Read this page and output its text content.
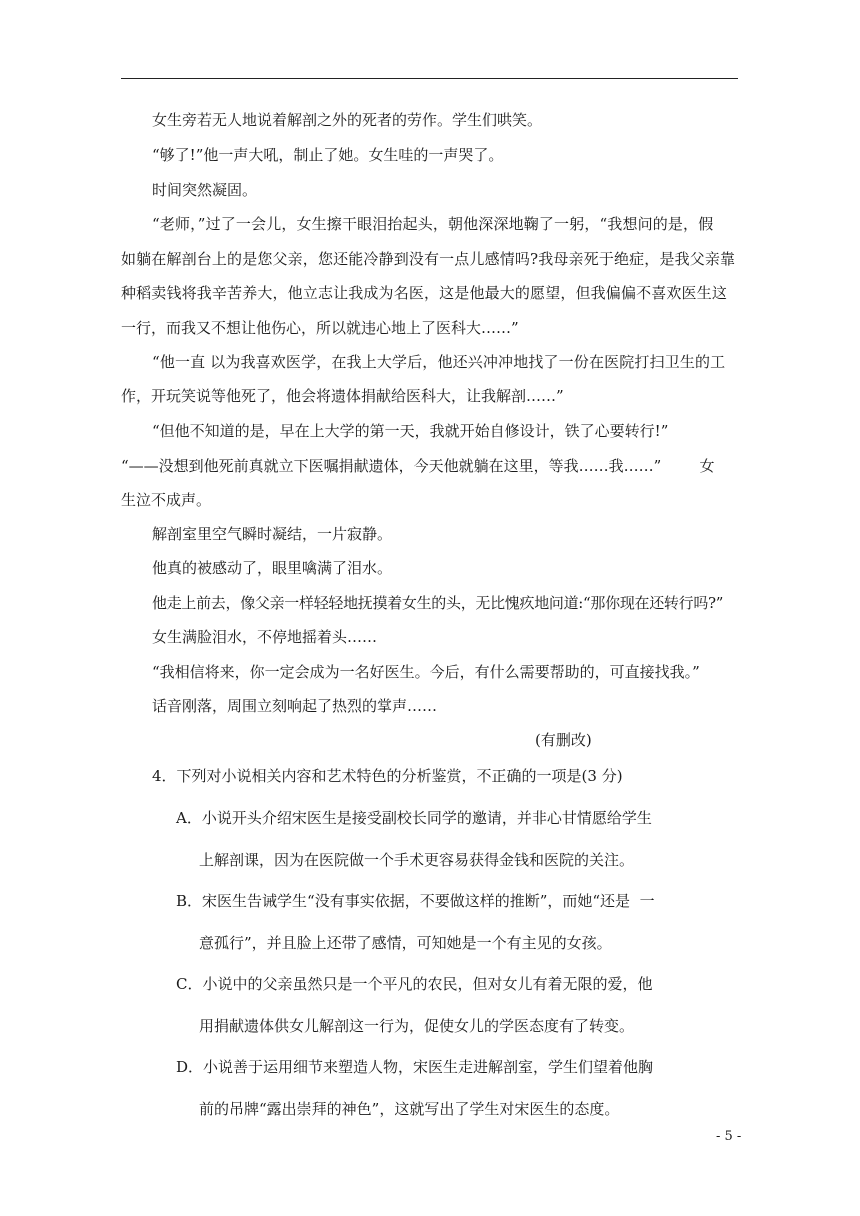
女生旁若无人地说着解剖之外的死者的劳作。学生们哄笑。
“够了!”他一声大吼，制止了她。女生哇的一声哭了。
时间突然凝固。
“老师，”过了一会儿，女生擦干眼泪抬起头，朝他深深地鞠了一躬，“我想问的是，假
如躺在解剖台上的是您父亲，您还能冷静到没有一点儿感情吗?我母亲死于绝症，是我父亲靠
种稻卖钱将我辛苦养大，他立志让我成为名医，这是他最大的愿望，但我偏偏不喜欢医生这
一行，而我又不想让他伤心，所以就违心地上了医科大……”
“他一直 以为我喜欢医学，在我上大学后，他还兴冲冲地找了一份在医院打扫卫生的工
作，开玩笑说等他死了，他会将遗体捐献给医科大，让我解剖……”
“但他不知道的是，早在上大学的第一天，我就开始自修设计，铁了心要转行!”
“——没想到他死前真就立下医嘱捐献遗体，今天他就躺在这里，等我……我……”        女
生泣不成声。
解剖室里空气瞬时凝结，一片寂静。
他真的被感动了，眼里噙满了泪水。
他走上前去，像父亲一样轻轻地抚摸着女生的头，无比愧疚地问道:“那你现在还转行吗?”
女生满脸泪水，不停地摇着头……
“我相信将来，你一定会成为一名好医生。今后，有什么需要帮助的，可直接找我。”
话音刚落，周围立刻响起了热烈的掌声……
(有删改)
4．下列对小说相关内容和艺术特色的分析鉴赏，不正确的一项是(3 分)
A．小说开头介绍宋医生是接受副校长同学的邀请，并非心甘情愿给学生
上解剖课，因为在医院做一个手术更容易获得金钱和医院的关注。
B．宋医生告诫学生“没有事实依据，不要做这样的推断”，而她“还是  一
意孤行”，并且脸上还带了感情，可知她是一个有主见的女孩。
C．小说中的父亲虽然只是一个平凡的农民，但对女儿有着无限的爱，他
用捐献遗体供女儿解剖这一行为，促使女儿的学医态度有了转变。
D．小说善于运用细节来塑造人物，宋医生走进解剖室，学生们望着他胸
前的吊牌“露出崇拜的神色”，这就写出了学生对宋医生的态度。
- 5 -
